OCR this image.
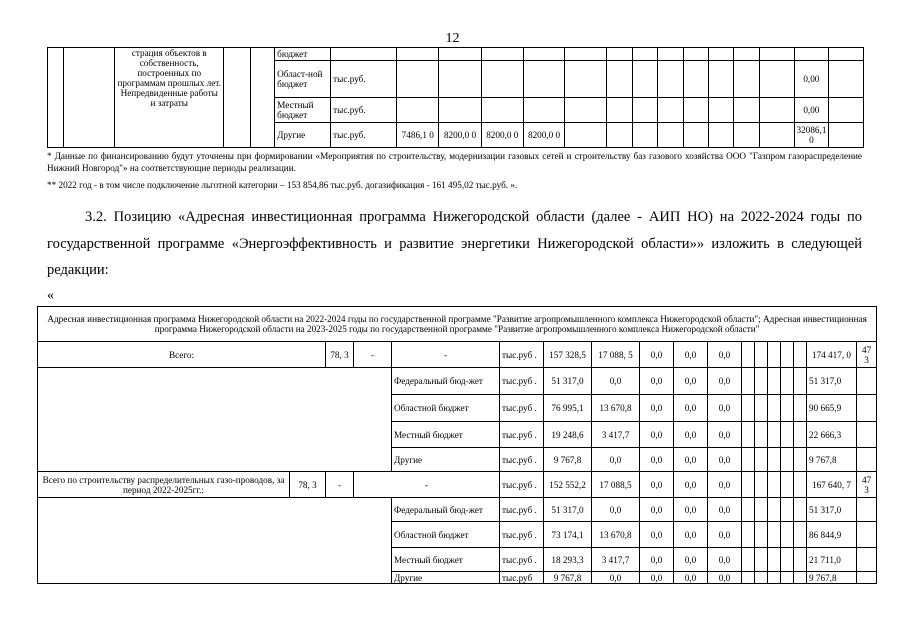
12
		страция объектов в собственность, построенных по программам прошлых лет. Непредвиденные работы и затраты			бюджет															
					Област-ной бюджет	тыс.руб.													0,00	
					Местный бюджет	тыс.руб.													0,00	
					Другие	тыс.руб.	7486,1 0	8200,0 0	8200,0 0	8200,0 0									32086,1 0	
* Данные по финансированию будут уточнены при формировании «Мероприятия по строительству, модернизации газовых сетей и строительству баз газового хозяйства ООО "Газпром газораспределение Нижний Новгород"» на соответствующие периоды реализации.
** 2022 год - в том числе подключение льготной категории – 153 854,86 тыс.руб. догазификация - 161 495,02 тыс.руб. ».
3.2. Позицию «Адресная инвестиционная программа Нижегородской области (далее - АИП НО) на 2022-2024 годы по государственной программе «Энергоэффективность и развитие энергетики Нижегородской области»» изложить в следующей редакции:
«
Адресная инвестиционная программа Нижегородской области на 2022-2024 годы по государственной программе "Развитие агропромышленного комплекса Нижегородской области"; Адресная инвестиционная программа Нижегородской области на 2023-2025 годы по государственной программе "Развитие агропромышленного комплекса Нижегородской области"																	
Всего:		78, 3	-	-	тыс.руб .	157 328,5	17 088, 5	0,0	0,0	0,0						174 417, 0	47 3
				Федеральный бюд-жет	тыс.руб .	51 317,0	0,0	0,0	0,0	0,0						51 317,0	
				Областной бюджет	тыс.руб .	76 995,1	13 670,8	0,0	0,0	0,0						90 665,9	
				Местный бюджет	тыс.руб .	19 248,6	3 417,7	0,0	0,0	0,0						22 666,3	
				Другие	тыс.руб .	9 767,8	0,0	0,0	0,0	0,0						9 767,8	
Всего по строительству распределительных газо-проводов, за период 2022-2025гг.:	78, 3	-	-		тыс.руб .	152 552,2	17 088,5	0,0	0,0	0,0						167 640, 7	47 3
				Федеральный бюд-жет	тыс.руб .	51 317,0	0,0	0,0	0,0	0,0						51 317,0	
				Областной бюджет	тыс.руб .	73 174,1	13 670,8	0,0	0,0	0,0						86 844,9	
				Местный бюджет	тыс.руб .	18 293,3	3 417,7	0,0	0,0	0,0						21 711,0	
				Другие	тыс.руб	9 767,8	0,0	0,0	0,0	0,0						9 767,8	
